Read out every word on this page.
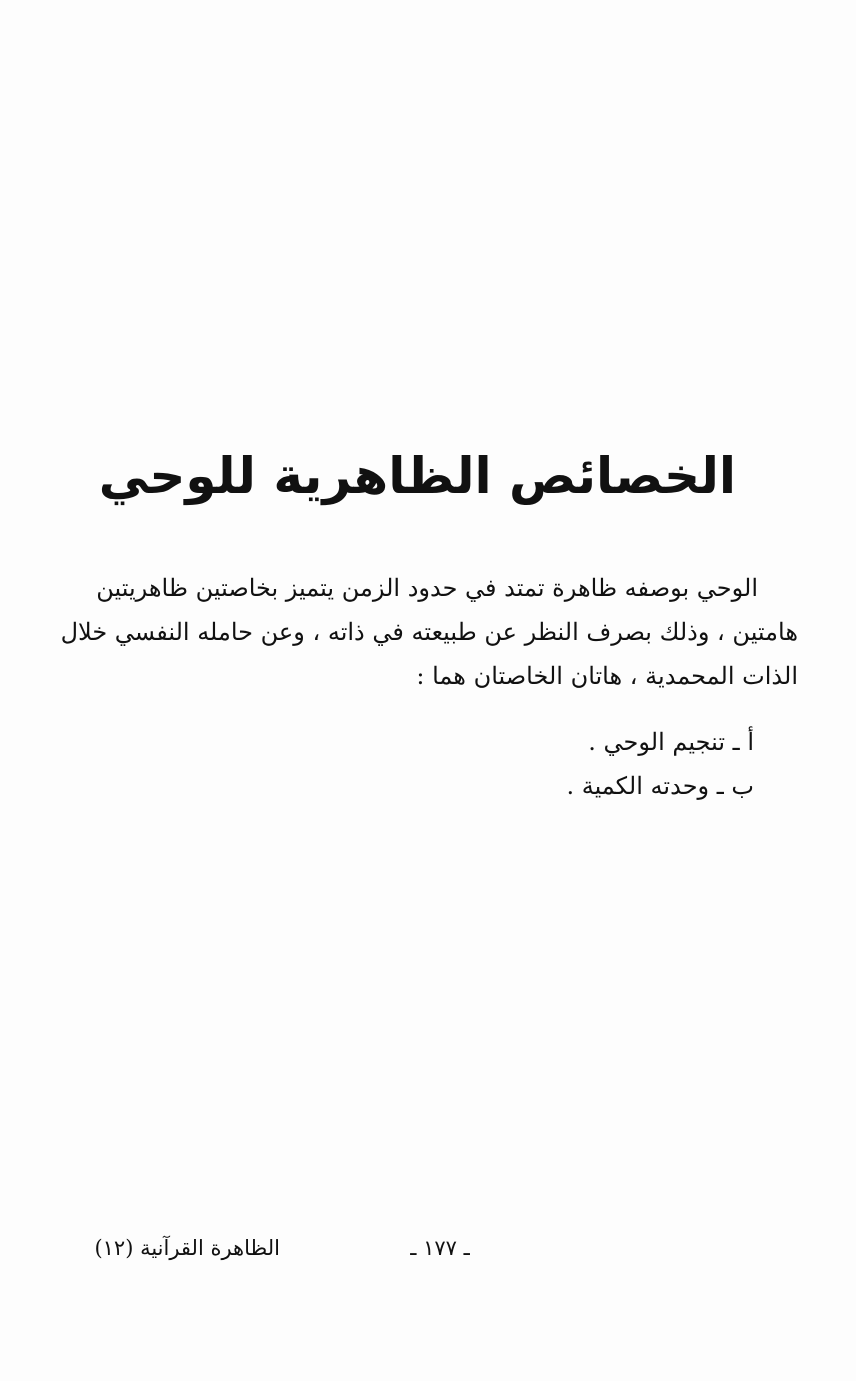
الخصائص الظاهرية للوحي

الوحي بوصفه ظاهرة تمتد في حدود الزمن يتميز بخاصتين ظاهريتين
هامتين ، وذلك بصرف النظر عن طبيعته في ذاته ، وعن حامله النفسي خلال
الذات المحمدية ، هاتان الخاصتان هما :

أ ـ تنجيم الوحي .
ب ـ وحدته الكمية .
الظاهرة القرآنية (١٢)	ـ ١٧٧ ـ
